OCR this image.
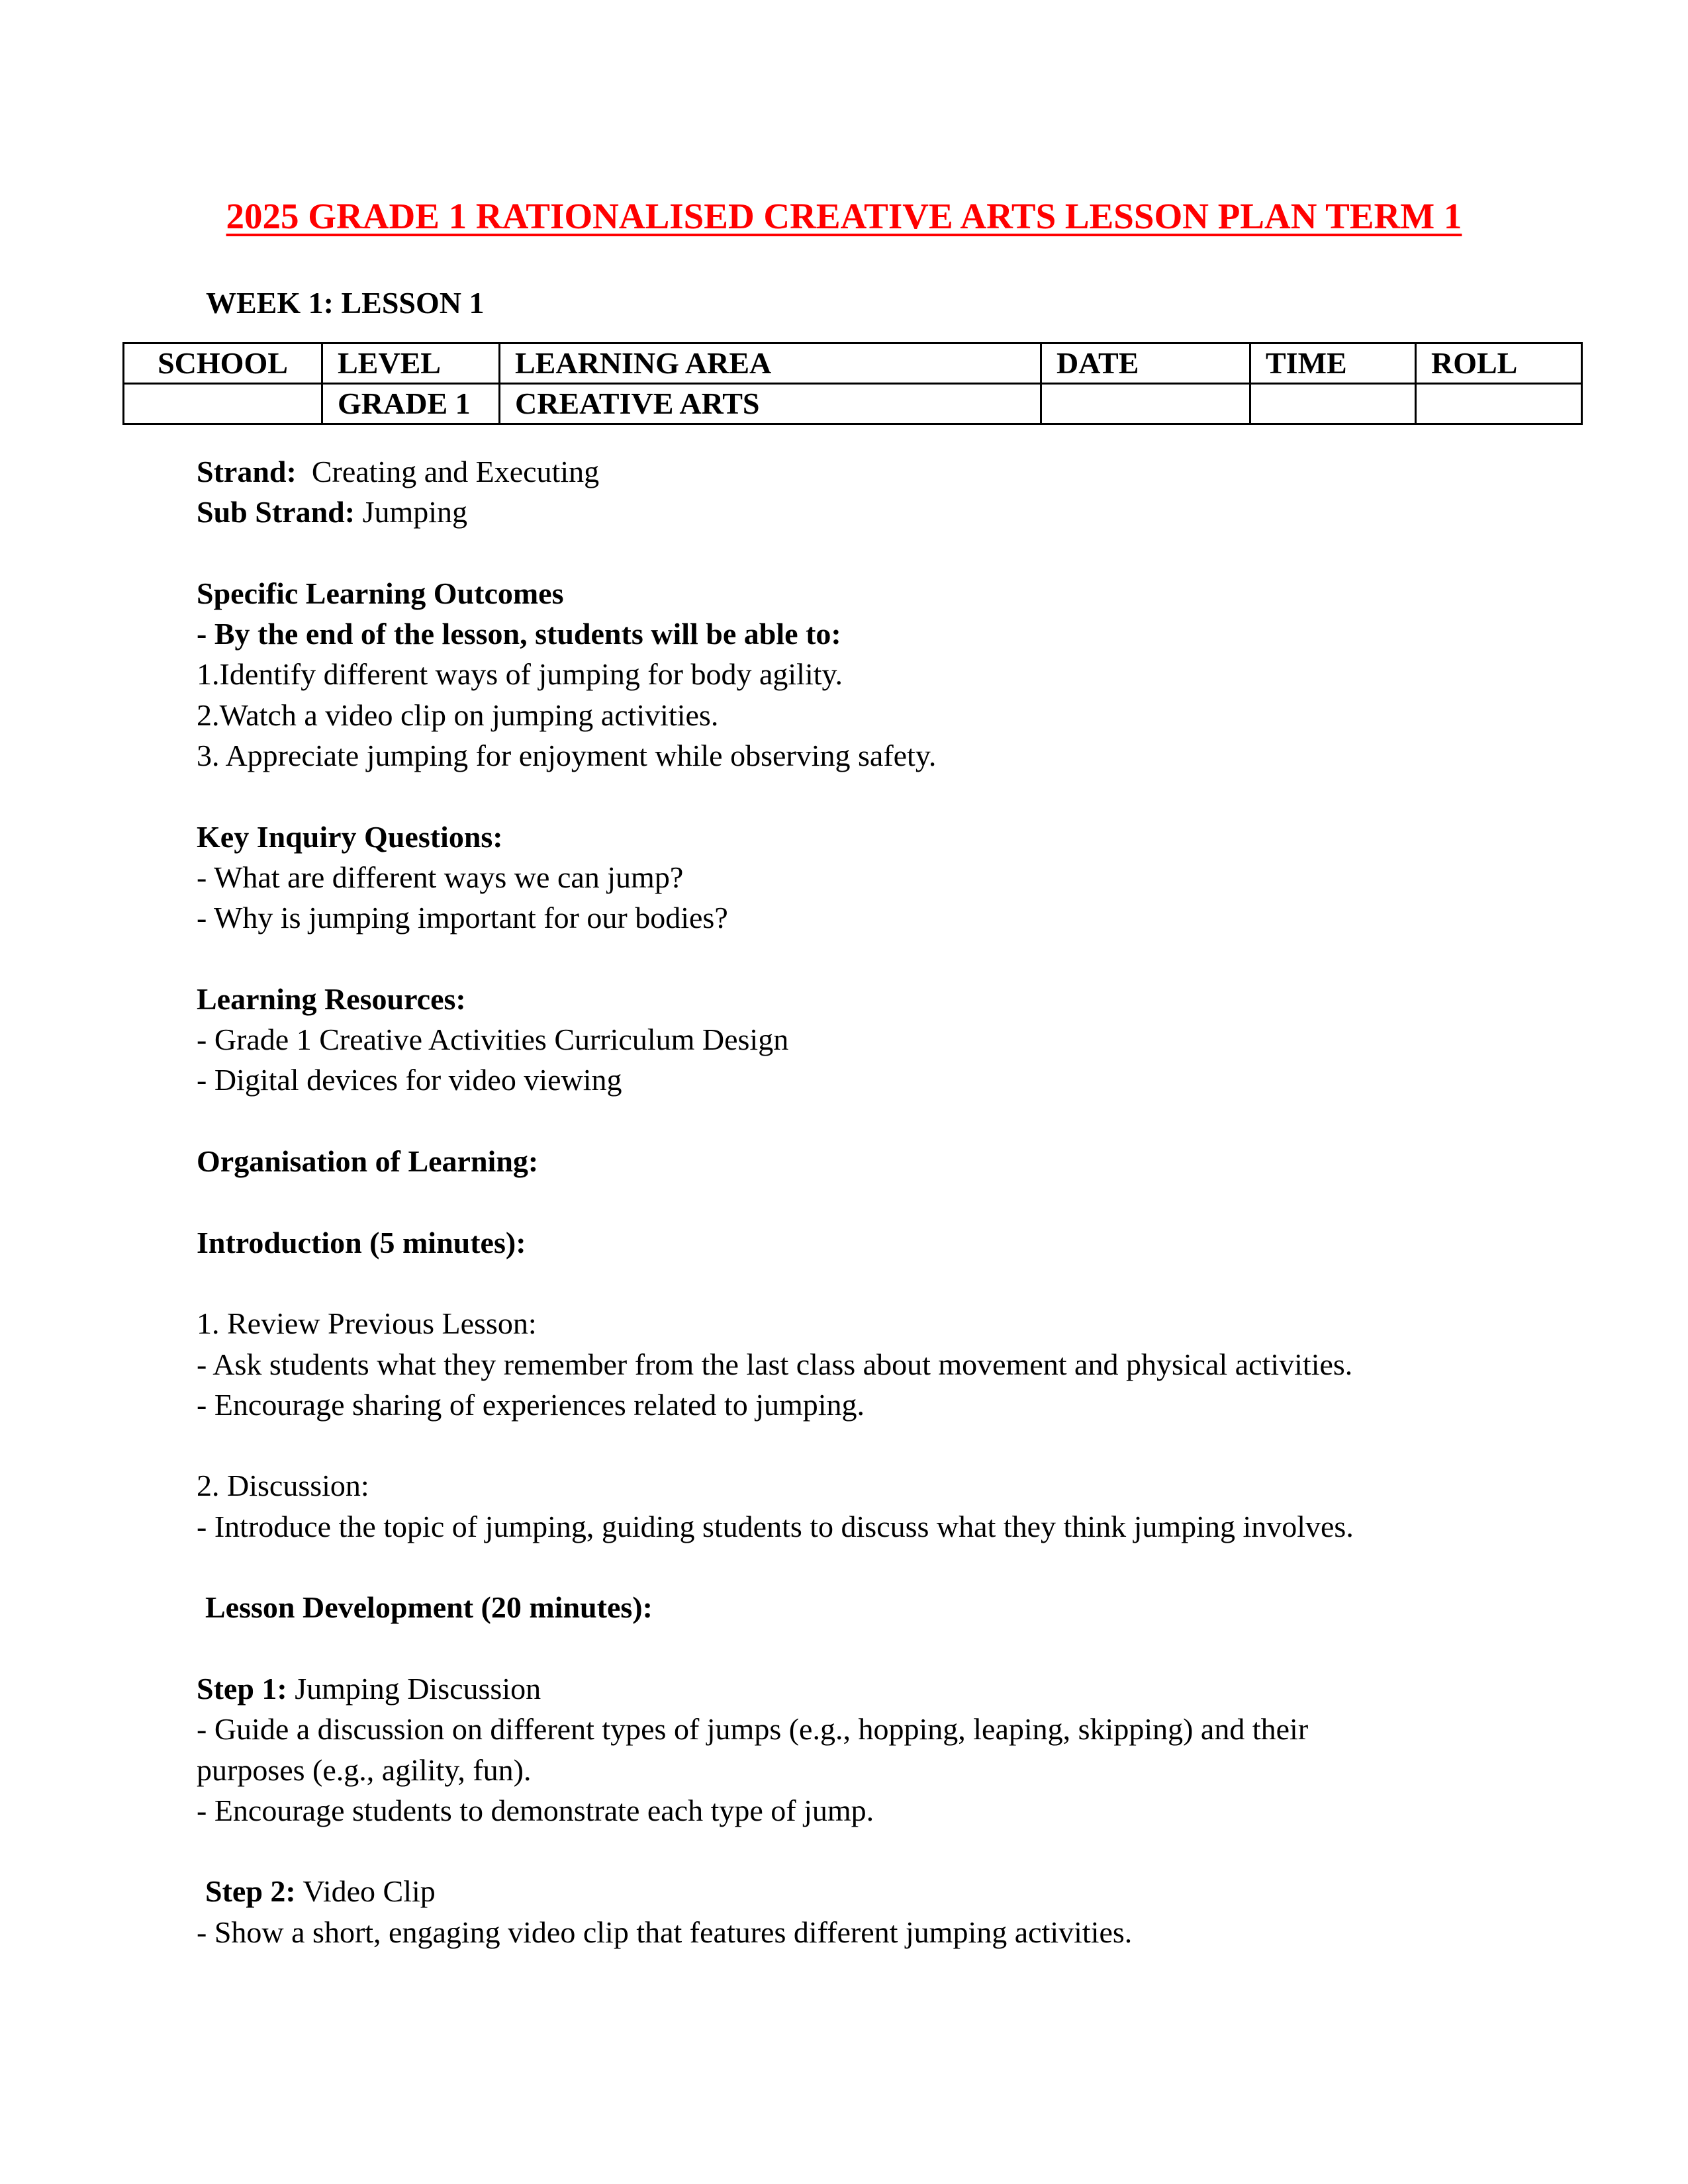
2025 GRADE 1 RATIONALISED CREATIVE ARTS LESSON PLAN TERM 1
WEEK 1: LESSON 1
SCHOOL	LEVEL	LEARNING AREA	DATE	TIME	ROLL
	GRADE 1	CREATIVE ARTS			
Strand: Creating and Executing
Sub Strand: Jumping
Specific Learning Outcomes
- By the end of the lesson, students will be able to:
1.Identify different ways of jumping for body agility.
2.Watch a video clip on jumping activities.
3. Appreciate jumping for enjoyment while observing safety.
Key Inquiry Questions:
- What are different ways we can jump?
- Why is jumping important for our bodies?
Learning Resources:
- Grade 1 Creative Activities Curriculum Design
- Digital devices for video viewing
Organisation of Learning:
Introduction (5 minutes):
1. Review Previous Lesson:
- Ask students what they remember from the last class about movement and physical activities.
- Encourage sharing of experiences related to jumping.
2. Discussion:
- Introduce the topic of jumping, guiding students to discuss what they think jumping involves.
Lesson Development (20 minutes):
Step 1: Jumping Discussion
- Guide a discussion on different types of jumps (e.g., hopping, leaping, skipping) and their
purposes (e.g., agility, fun).
- Encourage students to demonstrate each type of jump.
Step 2: Video Clip
- Show a short, engaging video clip that features different jumping activities.
